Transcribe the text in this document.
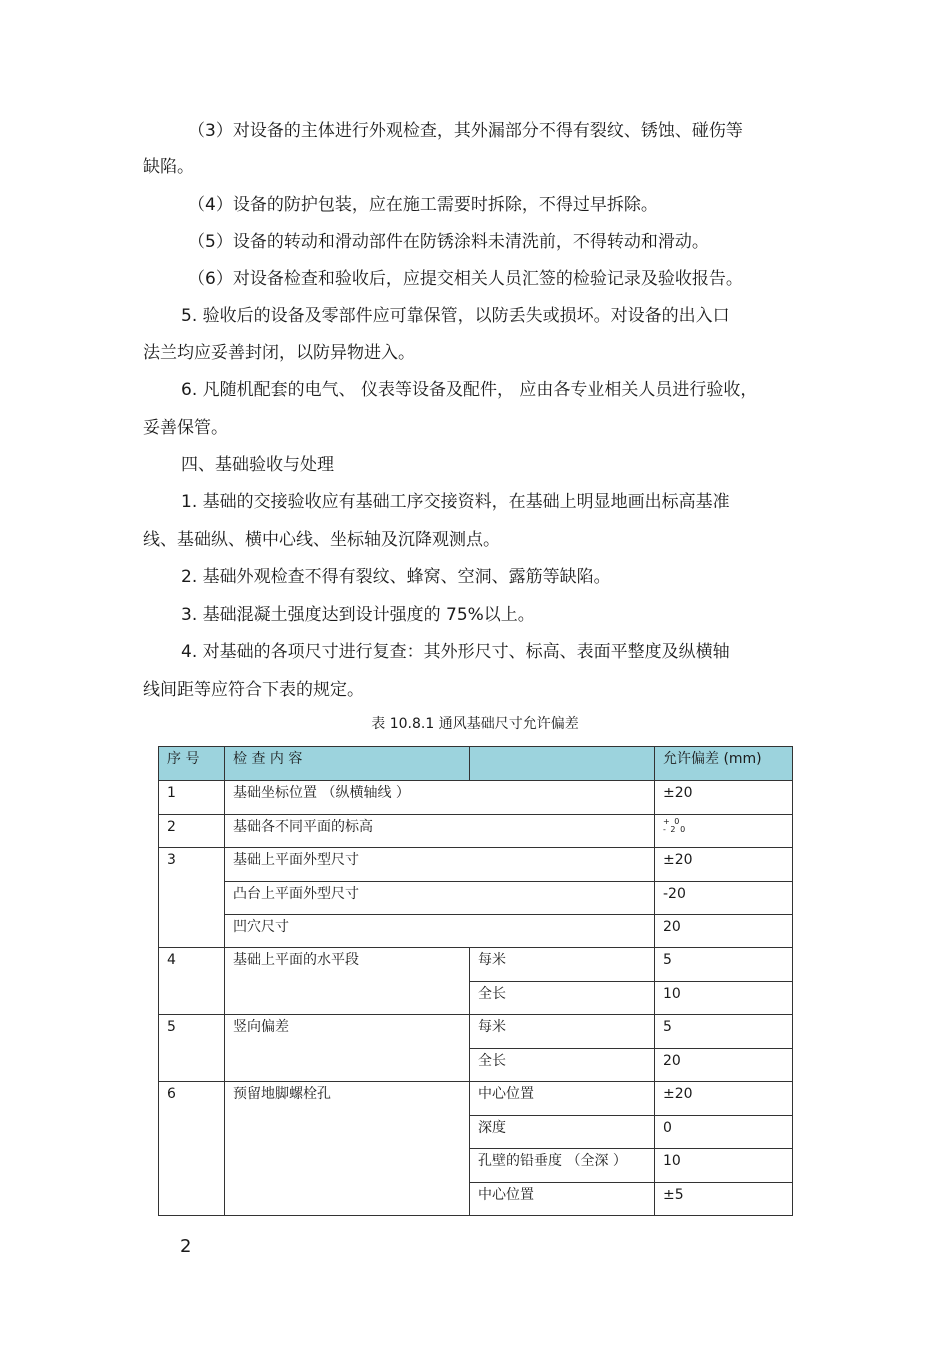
（3）对设备的主体进行外观检查，其外漏部分不得有裂纹、锈蚀、碰伤等
缺陷。
（4）设备的防护包装，应在施工需要时拆除，不得过早拆除。
（5）设备的转动和滑动部件在防锈涂料未清洗前，不得转动和滑动。
（6）对设备检查和验收后，应提交相关人员汇签的检验记录及验收报告。
5. 验收后的设备及零部件应可靠保管，以防丢失或损坏。对设备的出入口
法兰均应妥善封闭，以防异物进入。
6. 凡随机配套的电气、 仪表等设备及配件， 应由各专业相关人员进行验收，
妥善保管。
四、基础验收与处理
1. 基础的交接验收应有基础工序交接资料，在基础上明显地画出标高基准
线、基础纵、横中心线、坐标轴及沉降观测点。
2. 基础外观检查不得有裂纹、蜂窝、空洞、露筋等缺陷。
3. 基础混凝土强度达到设计强度的 75%以上。
4. 对基础的各项尺寸进行复查：其外形尺寸、标高、表面平整度及纵横轴
线间距等应符合下表的规定。
表 10.8.1 通风基础尺寸允许偏差
序 号	检 查 内 容		允许偏差 (mm)
1	基础坐标位置 （纵横轴线 ）		±20
2	基础各不同平面的标高		+ 0
- 2 0
3	基础上平面外型尺寸		±20
	凸台上平面外型尺寸		-20
	凹穴尺寸		20
4	基础上平面的水平段	每米	5
		全长	10
5	竖向偏差	每米	5
		全长	20
6	预留地脚螺栓孔	中心位置	±20
		深度	0
		孔壁的铅垂度 （全深 ）	10
		中心位置	±5
2
